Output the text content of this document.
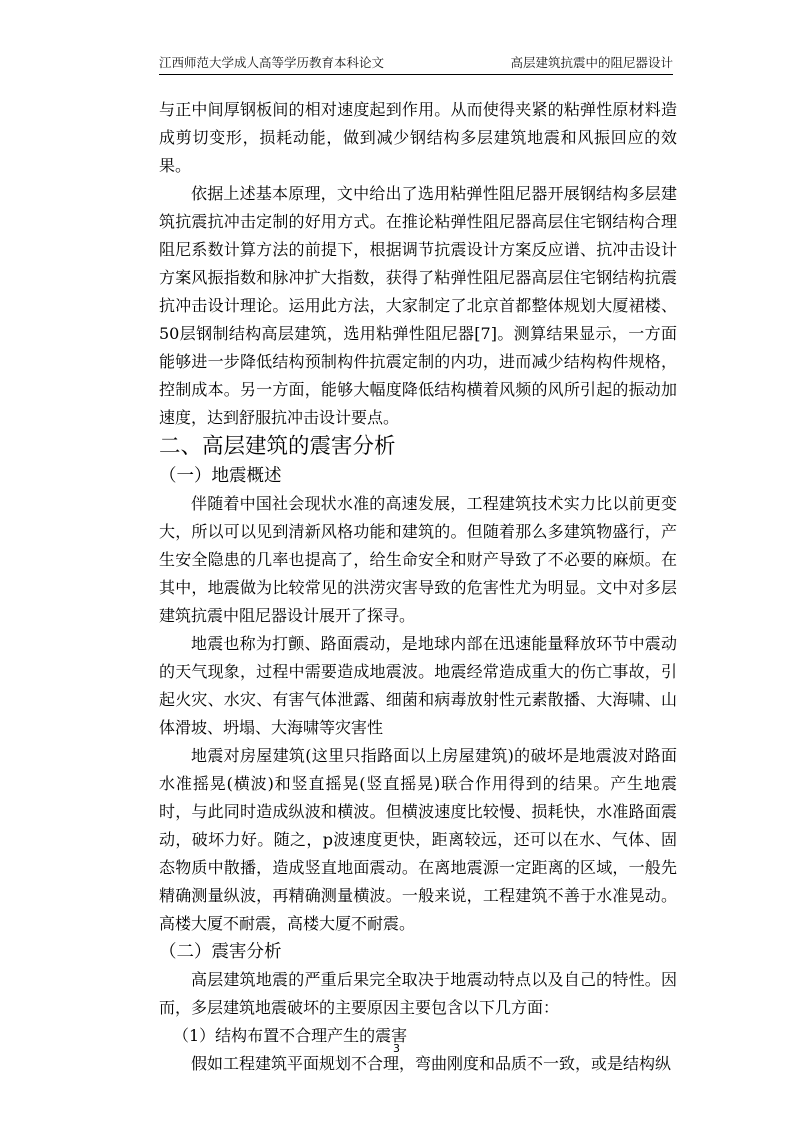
江西师范大学成人高等学历教育本科论文	高层建筑抗震中的阻尼器设计

与正中间厚钢板间的相对速度起到作用。从而使得夹紧的粘弹性原材料造成剪切变形，损耗动能，做到减少钢结构多层建筑地震和风振回应的效果。

依据上述基本原理，文中给出了选用粘弹性阻尼器开展钢结构多层建筑抗震抗冲击定制的好用方式。在推论粘弹性阻尼器高层住宅钢结构合理阻尼系数计算方法的前提下，根据调节抗震设计方案反应谱、抗冲击设计方案风振指数和脉冲扩大指数，获得了粘弹性阻尼器高层住宅钢结构抗震抗冲击设计理论。运用此方法，大家制定了北京首都整体规划大厦裙楼、50层钢制结构高层建筑，选用粘弹性阻尼器[7]。测算结果显示，一方面能够进一步降低结构预制构件抗震定制的内功，进而减少结构构件规格，控制成本。另一方面，能够大幅度降低结构横着风频的风所引起的振动加速度，达到舒服抗冲击设计要点。

二、高层建筑的震害分析
（一）地震概述

伴随着中国社会现状水准的高速发展，工程建筑技术实力比以前更变大，所以可以见到清新风格功能和建筑的。但随着那么多建筑物盛行，产生安全隐患的几率也提高了，给生命安全和财产导致了不必要的麻烦。在其中，地震做为比较常见的洪涝灾害导致的危害性尤为明显。文中对多层建筑抗震中阻尼器设计展开了探寻。

地震也称为打颤、路面震动，是地球内部在迅速能量释放环节中震动的天气现象，过程中需要造成地震波。地震经常造成重大的伤亡事故，引起火灾、水灾、有害气体泄露、细菌和病毒放射性元素散播、大海啸、山体滑坡、坍塌、大海啸等灾害性

地震对房屋建筑(这里只指路面以上房屋建筑)的破坏是地震波对路面水准摇晃(横波)和竖直摇晃(竖直摇晃)联合作用得到的结果。产生地震时，与此同时造成纵波和横波。但横波速度比较慢、损耗快，水准路面震动，破坏力好。随之，p波速度更快，距离较远，还可以在水、气体、固态物质中散播，造成竖直地面震动。在离地震源一定距离的区域，一般先精确测量纵波，再精确测量横波。一般来说，工程建筑不善于水准晃动。高楼大厦不耐震，高楼大厦不耐震。

（二）震害分析

高层建筑地震的严重后果完全取决于地震动特点以及自己的特性。因而，多层建筑地震破坏的主要原因主要包含以下几方面：

（1）结构布置不合理产生的震害

假如工程建筑平面规划不合理，弯曲刚度和品质不一致，或是结构纵

3
